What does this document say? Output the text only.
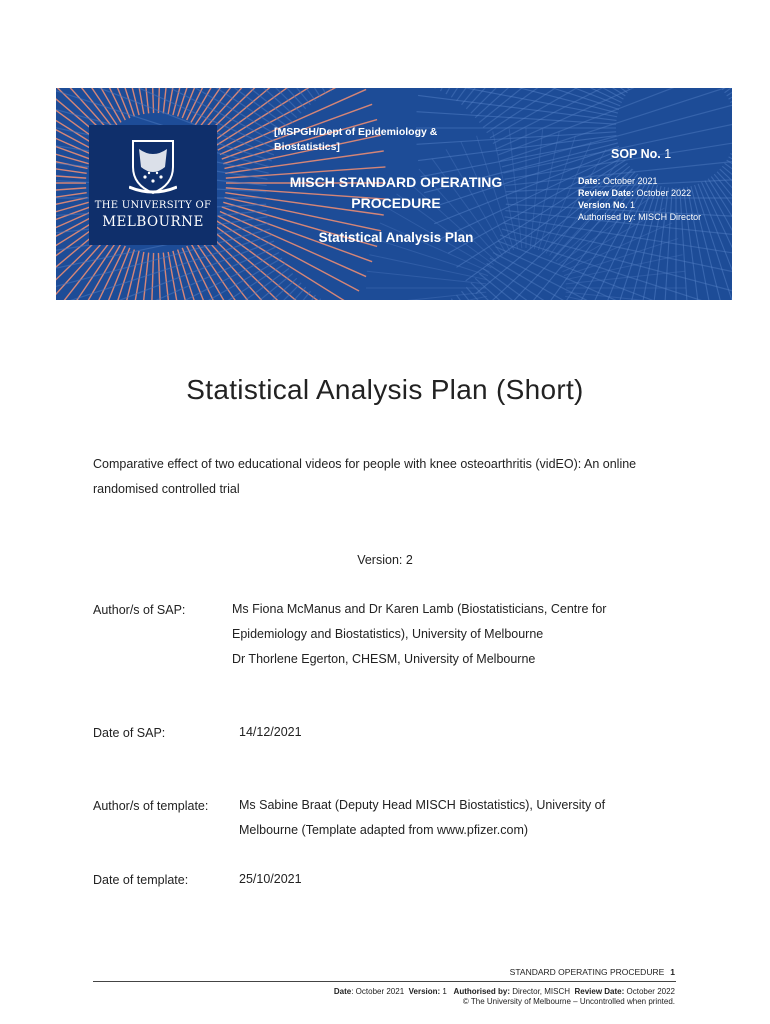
THE UNIVERSITY OF
MELBOURNE
[MSPGH/Dept of Epidemiology & Biostatistics]
MISCH STANDARD OPERATING
PROCEDURE
Statistical Analysis Plan
SOP No. 1
Date: October 2021
Review Date: October 2022
Version No. 1
Authorised by: MISCH Director
Statistical Analysis Plan (Short)
Comparative effect of two educational videos for people with knee osteoarthritis (vidEO): An online
randomised controlled trial
Version: 2
Author/s of SAP:	Ms Fiona McManus and Dr Karen Lamb (Biostatisticians, Centre for
Epidemiology and Biostatistics), University of Melbourne
Dr Thorlene Egerton, CHESM, University of Melbourne
Date of SAP:	14/12/2021
Author/s of template: Ms Sabine Braat (Deputy Head MISCH Biostatistics), University of
Melbourne (Template adapted from www.pfizer.com)
Date of template:	25/10/2021
STANDARD OPERATING PROCEDURE 1
Date: October 2021 Version: 1 Authorised by: Director, MISCH Review Date: October 2022
© The University of Melbourne – Uncontrolled when printed.
